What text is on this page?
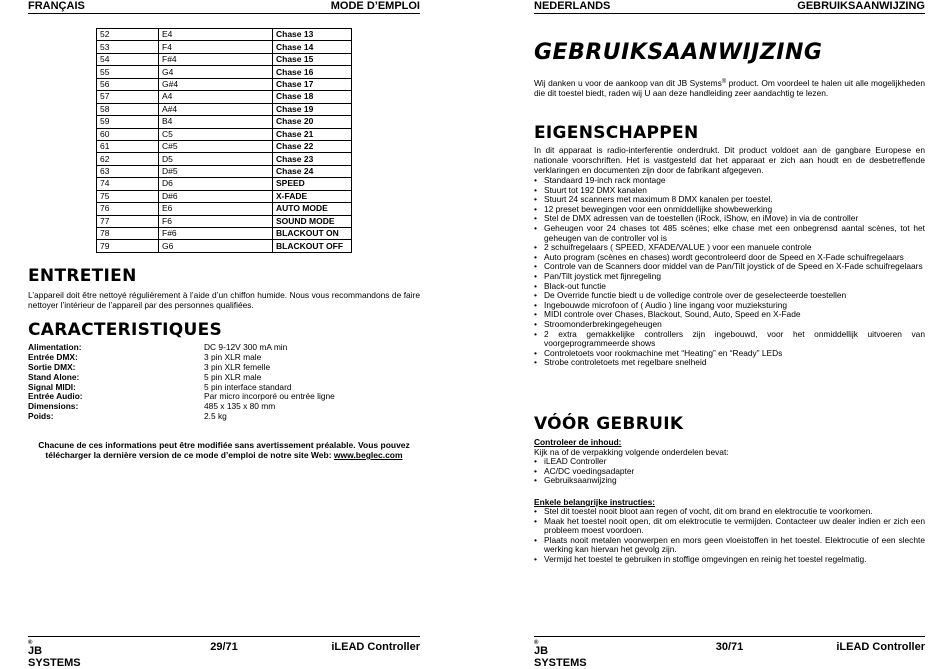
FRANÇAIS	MODE D’EMPLOI
52	E4	Chase 13
53	F4	Chase 14
54	F#4	Chase 15
55	G4	Chase 16
56	G#4	Chase 17
57	A4	Chase 18
58	A#4	Chase 19
59	B4	Chase 20
60	C5	Chase 21
61	C#5	Chase 22
62	D5	Chase 23
63	D#5	Chase 24
74	D6	SPEED
75	D#6	X-FADE
76	E6	AUTO MODE
77	F6	SOUND MODE
78	F#6	BLACKOUT ON
79	G6	BLACKOUT OFF
ENTRETIEN
L’appareil doit être nettoyé régulièrement à l’aide d’un chiffon humide. Nous vous recommandons de faire nettoyer l’intérieur de l’appareil par des personnes qualifiées.
CARACTERISTIQUES
Alimentation:	DC 9-12V 300 mA min
Entrée DMX:	3 pin XLR male
Sortie DMX:	3 pin XLR femelle
Stand Alone:	5 pin XLR male
Signal MIDI:	5 pin interface standard
Entrée Audio:	Par micro incorporé ou entrée ligne
Dimensions:	485 x 135 x 80 mm
Poids:	2.5 kg
Chacune de ces informations peut être modifiée sans avertissement préalable. Vous pouvez
télécharger la dernière version de ce mode d’emploi de notre site Web: www.beglec.com
JB SYSTEMS
®	29/71	iLEAD Controller
NEDERLANDS	GEBRUIKSAANWIJZING
GEBRUIKSAANWIJZING
Wij danken u voor de aankoop van dit JB Systems® product. Om voordeel te halen uit alle mogelijkheden die dit toestel biedt, raden wij U aan deze handleiding zeer aandachtig te lezen.
EIGENSCHAPPEN
In dit apparaat is radio-interferentie onderdrukt. Dit product voldoet aan de gangbare Europese en nationale voorschriften. Het is vastgesteld dat het apparaat er zich aan houdt en de desbetreffende verklaringen en documenten zijn door de fabrikant afgegeven.
• Standaard 19-inch rack montage
• Stuurt tot 192 DMX kanalen
• Stuurt 24 scanners met maximum 8 DMX kanalen per toestel.
• 12 preset bewegingen voor een onmiddellijke showbewerking
• Stel de DMX adressen van de toestellen (iRock, iShow, en iMove) in via de controller
• Geheugen voor 24 chases tot 485 scènes; elke chase met een onbegrensd aantal scènes, tot het geheugen van de controller vol is
• 2 schuifregelaars ( SPEED, XFADE/VALUE ) voor een manuele controle
• Auto program (scènes en chases) wordt gecontroleerd door de Speed en X-Fade schuifregelaars
• Controle van de Scanners door middel van de Pan/Tilt joystick of de Speed en X-Fade schuifregelaars
• Pan/Tilt joystick met fijnregeling
• Black-out functie
• De Override functie biedt u de volledige controle over de geselecteerde toestellen
• Ingebouwde microfoon of ( Audio ) line ingang voor muzieksturing
• MIDI controle over Chases, Blackout, Sound, Auto, Speed en X-Fade
• Stroomonderbrekingegeheugen
• 2 extra gemakkelijke controllers zijn ingebouwd, voor het onmiddellijk uitvoeren van voorgeprogrammeerde shows
• Controletoets voor rookmachine met “Heating” en “Ready” LEDs
• Strobe controletoets met regelbare snelheid
VÓÓR GEBRUIK
Controleer de inhoud:
Kijk na of de verpakking volgende onderdelen bevat:
• iLEAD Controller
• AC/DC voedingsadapter
• Gebruiksaanwijzing
Enkele belangrijke instructies:
• Stel dit toestel nooit bloot aan regen of vocht, dit om brand en elektrocutie te voorkomen.
• Maak het toestel nooit open, dit om elektrocutie te vermijden. Contacteer uw dealer indien er zich een probleem moest voordoen.
• Plaats nooit metalen voorwerpen en mors geen vloeistoffen in het toestel. Elektrocutie of een slechte werking kan hiervan het gevolg zijn.
• Vermijd het toestel te gebruiken in stoffige omgevingen en reinig het toestel regelmatig.
JB SYSTEMS
®	30/71	iLEAD Controller
